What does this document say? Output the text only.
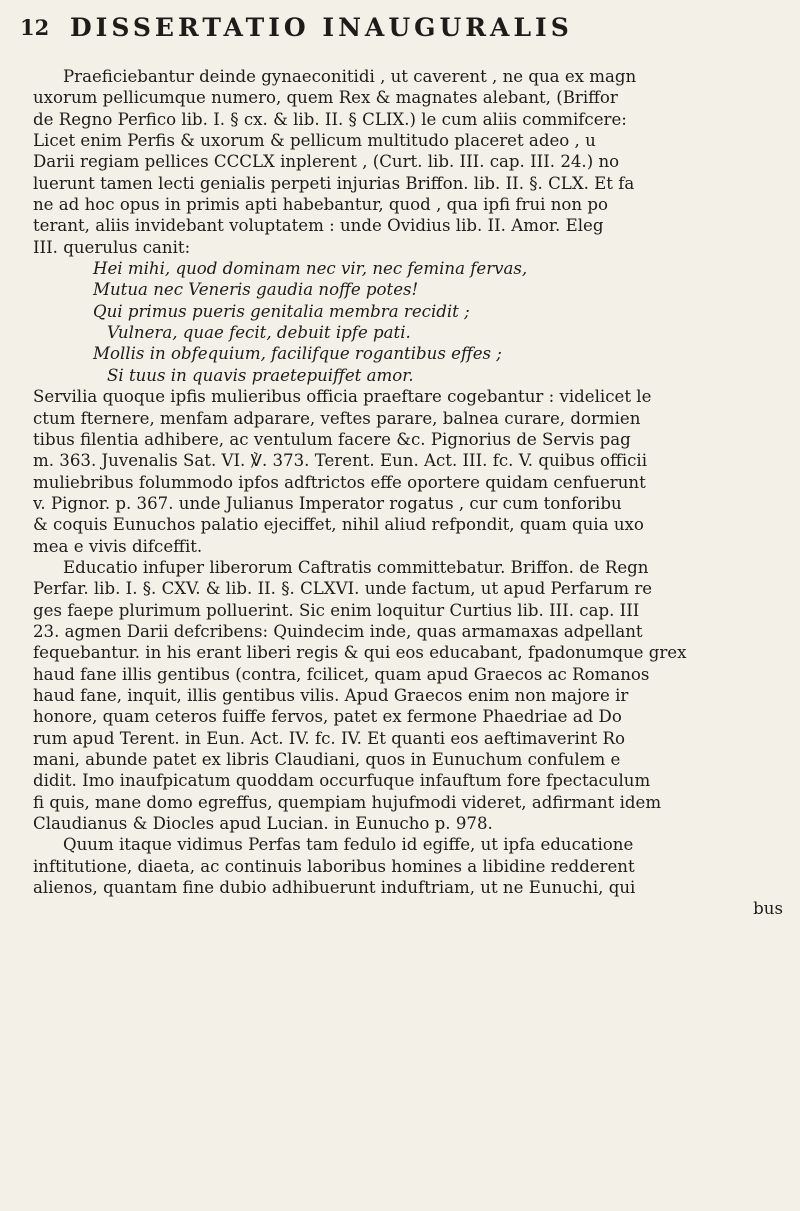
12 DISSERTATIO INAUGURALIS
Praeficiebantur deinde gynaeconitidi , ut caverent , ne qua ex magn
uxorum pellicumque numero, quem Rex & magnates alebant, (Briffor
de Regno Perfico lib. I. § cx. & lib. II. § CLIX.) le cum aliis commifcere:
Licet enim Perfis & uxorum & pellicum multitudo placeret adeo , u
Darii regiam pellices CCCLX inplerent , (Curt. lib. III. cap. III. 24.) no
luerunt tamen lecti genialis perpeti injurias Briffon. lib. II. §. CLX. Et fa
ne ad hoc opus in primis apti habebantur, quod , qua ipfi frui non po
terant, aliis invidebant voluptatem : unde Ovidius lib. II. Amor. Eleg
III. querulus canit:
Hei mihi, quod dominam nec vir, nec femina fervas,
Mutua nec Veneris gaudia noffe potes!
Qui primus pueris genitalia membra recidit ;
Vulnera, quae fecit, debuit ipfe pati.
Mollis in obfequium, facilifque rogantibus effes ;
Si tuus in quavis praetepuiffet amor.
Servilia quoque ipfis mulieribus officia praeftare cogebantur : videlicet le
ctum fternere, menfam adparare, veftes parare, balnea curare, dormien
tibus filentia adhibere, ac ventulum facere &c. Pignorius de Servis pag
m. 363. Juvenalis Sat. VI. ℣. 373. Terent. Eun. Act. III. fc. V. quibus officii
muliebribus folummodo ipfos adftrictos effe oportere quidam cenfuerunt
v. Pignor. p. 367. unde Julianus Imperator rogatus , cur cum tonforibu
& coquis Eunuchos palatio ejeciffet, nihil aliud refpondit, quam quia uxo
mea e vivis difceffit.
Educatio infuper liberorum Caftratis committebatur. Briffon. de Regn
Perfar. lib. I. §. CXV. & lib. II. §. CLXVI. unde factum, ut apud Perfarum re
ges faepe plurimum polluerint. Sic enim loquitur Curtius lib. III. cap. III
23. agmen Darii defcribens: Quindecim inde, quas armamaxas adpellant
fequebantur. in his erant liberi regis & qui eos educabant, fpadonumque grex
haud fane illis gentibus (contra, fcilicet, quam apud Graecos ac Romanos
haud fane, inquit, illis gentibus vilis. Apud Graecos enim non majore ir
honore, quam ceteros fuiffe fervos, patet ex fermone Phaedriae ad Do
rum apud Terent. in Eun. Act. IV. fc. IV. Et quanti eos aeftimaverint Ro
mani, abunde patet ex libris Claudiani, quos in Eunuchum confulem e
didit. Imo inaufpicatum quoddam occurfuque infauftum fore fpectaculum
fi quis, mane domo egreffus, quempiam hujufmodi videret, adfirmant idem
Claudianus & Diocles apud Lucian. in Eunucho p. 978.
Quum itaque vidimus Perfas tam fedulo id egiffe, ut ipfa educatione
inftitutione, diaeta, ac continuis laboribus homines a libidine redderent
alienos, quantam fine dubio adhibuerunt induftriam, ut ne Eunuchi, qui
bus
